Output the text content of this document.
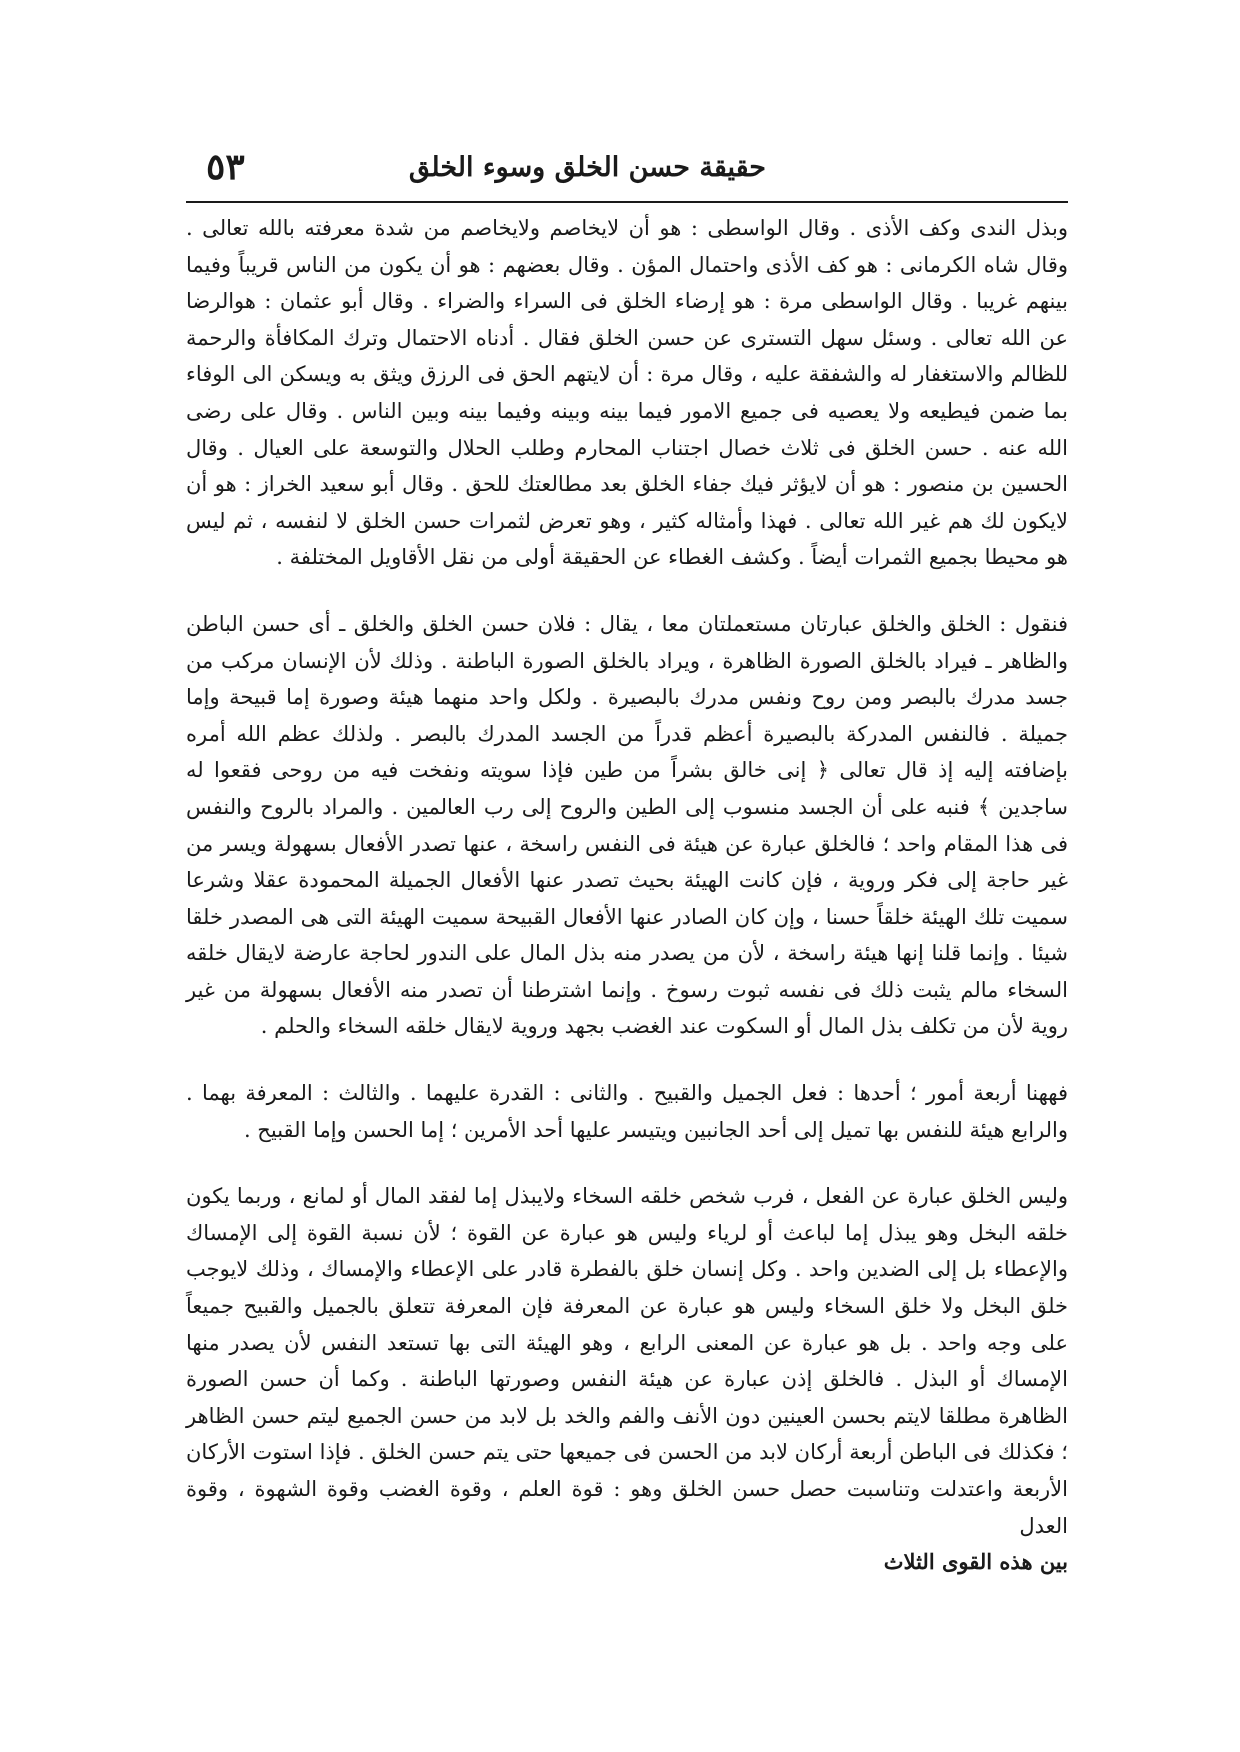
حقيقة حسن الخلق وسوء الخلق
٥٣

وبذل الندى وكف الأذى . وقال الواسطى : هو أن لايخاصم ولايخاصم من شدة معرفته بالله تعالى . وقال شاه الكرمانى : هو كف الأذى واحتمال المؤن . وقال بعضهم : هو أن يكون من الناس قريباً وفيما بينهم غريبا . وقال الواسطى مرة : هو إرضاء الخلق فى السراء والضراء . وقال أبو عثمان : هوالرضا عن الله تعالى . وسئل سهل التسترى عن حسن الخلق فقال . أدناه الاحتمال وترك المكافأة والرحمة للظالم والاستغفار له والشفقة عليه ، وقال مرة : أن لايتهم الحق فى الرزق ويثق به ويسكن الى الوفاء بما ضمن فيطيعه ولا يعصيه فى جميع الامور فيما بينه وبينه وفيما بينه وبين الناس . وقال على رضى الله عنه . حسن الخلق فى ثلاث خصال اجتناب المحارم وطلب الحلال والتوسعة على العيال . وقال الحسين بن منصور : هو أن لايؤثر فيك جفاء الخلق بعد مطالعتك للحق . وقال أبو سعيد الخراز : هو أن لايكون لك هم غير الله تعالى . فهذا وأمثاله كثير ، وهو تعرض لثمرات حسن الخلق لا لنفسه ، ثم ليس هو محيطا بجميع الثمرات أيضاً . وكشف الغطاء عن الحقيقة أولى من نقل الأقاويل المختلفة .

فنقول : الخلق والخلق عبارتان مستعملتان معا ، يقال : فلان حسن الخلق والخلق ـ أى حسن الباطن والظاهر ـ فيراد بالخلق الصورة الظاهرة ، ويراد بالخلق الصورة الباطنة . وذلك لأن الإنسان مركب من جسد مدرك بالبصر ومن روح ونفس مدرك بالبصيرة . ولكل واحد منهما هيئة وصورة إما قبيحة وإما جميلة . فالنفس المدركة بالبصيرة أعظم قدراً من الجسد المدرك بالبصر . ولذلك عظم الله أمره بإضافته إليه إذ قال تعالى ﴿ إنى خالق بشراً من طين فإذا سويته ونفخت فيه من روحى فقعوا له ساجدين ﴾ فنبه على أن الجسد منسوب إلى الطين والروح إلى رب العالمين . والمراد بالروح والنفس فى هذا المقام واحد ؛ فالخلق عبارة عن هيئة فى النفس راسخة ، عنها تصدر الأفعال بسهولة ويسر من غير حاجة إلى فكر وروية ، فإن كانت الهيئة بحيث تصدر عنها الأفعال الجميلة المحمودة عقلا وشرعا سميت تلك الهيئة خلقاً حسنا ، وإن كان الصادر عنها الأفعال القبيحة سميت الهيئة التى هى المصدر خلقا شيئا . وإنما قلنا إنها هيئة راسخة ، لأن من يصدر منه بذل المال على الندور لحاجة عارضة لايقال خلقه السخاء مالم يثبت ذلك فى نفسه ثبوت رسوخ . وإنما اشترطنا أن تصدر منه الأفعال بسهولة من غير روية لأن من تكلف بذل المال أو السكوت عند الغضب بجهد وروية لايقال خلقه السخاء والحلم .

فههنا أربعة أمور ؛ أحدها : فعل الجميل والقبيح . والثانى : القدرة عليهما . والثالث : المعرفة بهما . والرابع هيئة للنفس بها تميل إلى أحد الجانبين ويتيسر عليها أحد الأمرين ؛ إما الحسن وإما القبيح .

وليس الخلق عبارة عن الفعل ، فرب شخص خلقه السخاء ولايبذل إما لفقد المال أو لمانع ، وربما يكون خلقه البخل وهو يبذل إما لباعث أو لرياء وليس هو عبارة عن القوة ؛ لأن نسبة القوة إلى الإمساك والإعطاء بل إلى الضدين واحد . وكل إنسان خلق بالفطرة قادر على الإعطاء والإمساك ، وذلك لايوجب خلق البخل ولا خلق السخاء وليس هو عبارة عن المعرفة فإن المعرفة تتعلق بالجميل والقبيح جميعاً على وجه واحد . بل هو عبارة عن المعنى الرابع ، وهو الهيئة التى بها تستعد النفس لأن يصدر منها الإمساك أو البذل . فالخلق إذن عبارة عن هيئة النفس وصورتها الباطنة . وكما أن حسن الصورة الظاهرة مطلقا لايتم بحسن العينين دون الأنف والفم والخد بل لابد من حسن الجميع ليتم حسن الظاهر ؛ فكذلك فى الباطن أربعة أركان لابد من الحسن فى جميعها حتى يتم حسن الخلق . فإذا استوت الأركان الأربعة واعتدلت وتناسبت حصل حسن الخلق وهو : قوة العلم ، وقوة الغضب وقوة الشهوة ، وقوة العدل
بين هذه القوى الثلاث
